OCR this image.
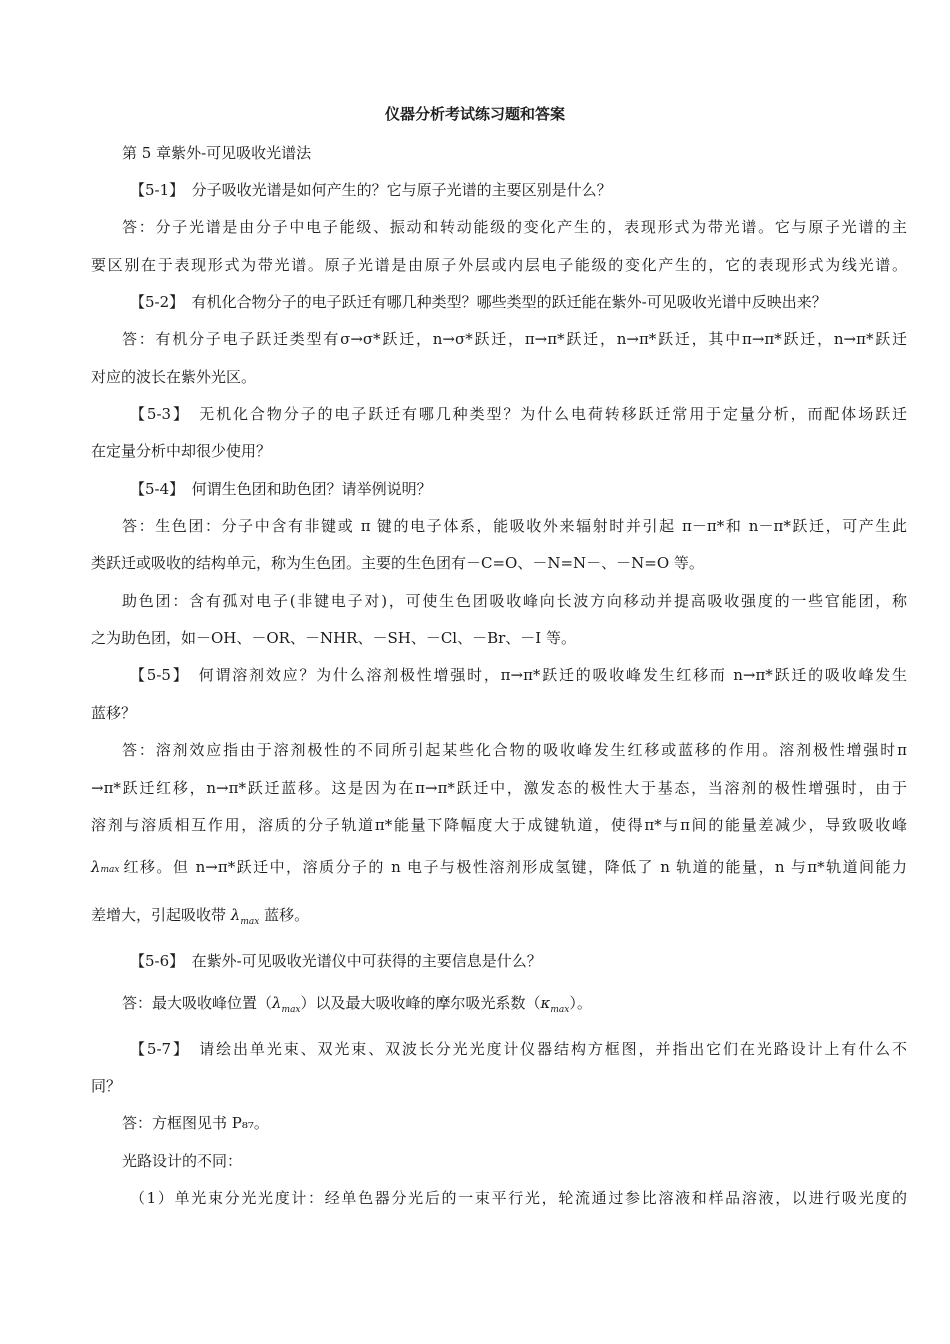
仪器分析考试练习题和答案
第 5 章紫外-可见吸收光谱法
【5-1】　分子吸收光谱是如何产生的？它与原子光谱的主要区别是什么？
答：分子光谱是由分子中电子能级、振动和转动能级的变化产生的，表现形式为带光谱。它与原子光谱的主
要区别在于表现形式为带光谱。原子光谱是由原子外层或内层电子能级的变化产生的，它的表现形式为线光谱。
【5-2】　有机化合物分子的电子跃迁有哪几种类型？哪些类型的跃迁能在紫外-可见吸收光谱中反映出来？
答：有机分子电子跃迁类型有σ→σ*跃迁，n→σ*跃迁，π→π*跃迁，n→π*跃迁，其中π→π*跃迁，n→π*跃迁
对应的波长在紫外光区。
【5-3】　无机化合物分子的电子跃迁有哪几种类型？为什么电荷转移跃迁常用于定量分析，而配体场跃迁
在定量分析中却很少使用？
【5-4】　何谓生色团和助色团？请举例说明？
答：生色团：分子中含有非键或 π 键的电子体系，能吸收外来辐射时并引起 π－π*和 n－π*跃迁，可产生此
类跃迁或吸收的结构单元，称为生色团。主要的生色团有－C=O、－N=N－、－N=O 等。
助色团：含有孤对电子(非键电子对)，可使生色团吸收峰向长波方向移动并提高吸收强度的一些官能团，称
之为助色团，如－OH、－OR、－NHR、－SH、－Cl、－Br、－I 等。
【5-5】　何谓溶剂效应？为什么溶剂极性增强时，π→π*跃迁的吸收峰发生红移而 n→π*跃迁的吸收峰发生
蓝移？
答：溶剂效应指由于溶剂极性的不同所引起某些化合物的吸收峰发生红移或蓝移的作用。溶剂极性增强时π
→π*跃迁红移，n→π*跃迁蓝移。这是因为在π→π*跃迁中，激发态的极性大于基态，当溶剂的极性增强时，由于
溶剂与溶质相互作用，溶质的分子轨道π*能量下降幅度大于成键轨道，使得π*与π间的能量差减少，导致吸收峰
λ max 红移。但 n→π*跃迁中，溶质分子的 n 电子与极性溶剂形成氢键，降低了 n 轨道的能量，n 与π*轨道间能力
差增大，引起吸收带 $\lambda_{max}$ 蓝移。
【5-6】　在紫外-可见吸收光谱仪中可获得的主要信息是什么？
答：最大吸收峰位置$(\lambda_{max})$以及最大吸收峰的摩尔吸光系数$(\kappa_{max})$。
【5-7】　请绘出单光束、双光束、双波长分光光度计仪器结构方框图，并指出它们在光路设计上有什么不
同？
答：方框图见书 P₈₇。
光路设计的不同：
（1）单光束分光光度计：经单色器分光后的一束平行光，轮流通过参比溶液和样品溶液，以进行吸光度的
